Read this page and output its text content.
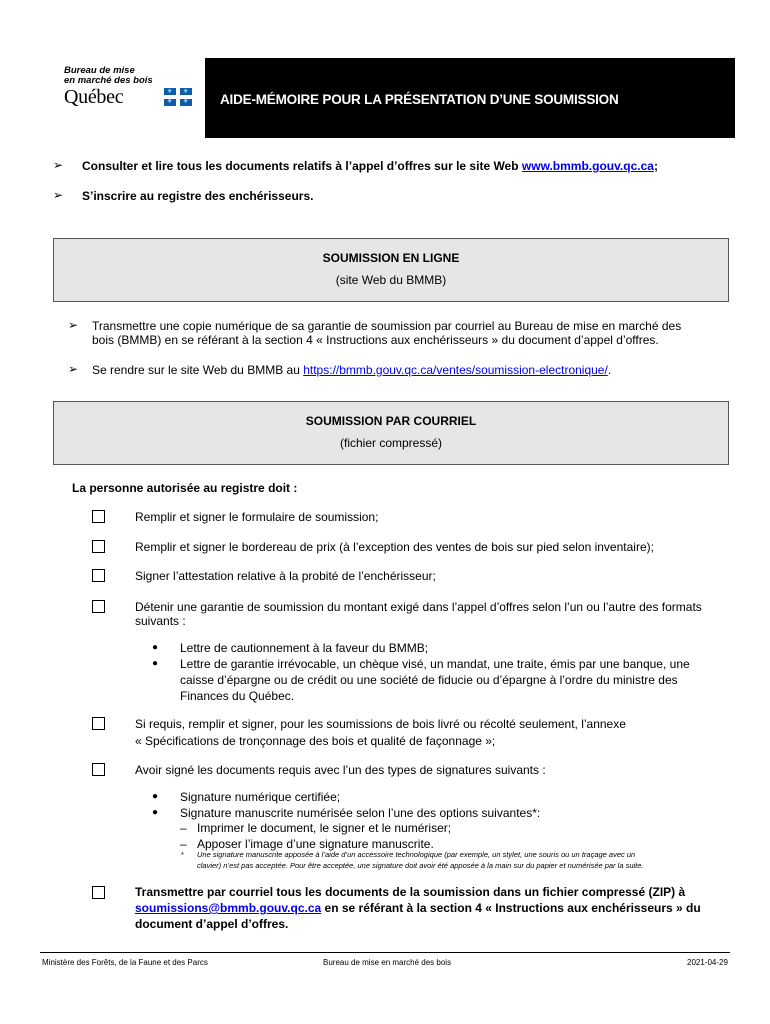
Bureau de mise
en marché des bois
Québec	⚜ ⚜
⚜ ⚜ AIDE-MÉMOIRE POUR LA PRÉSENTATION D’UNE SOUMISSION
➢ Consulter et lire tous les documents relatifs à l’appel d’offres sur le site Web www.bmmb.gouv.qc.ca;
➢ S’inscrire au registre des enchérisseurs.
SOUMISSION EN LIGNE
(site Web du BMMB)
➢ Transmettre une copie numérique de sa garantie de soumission par courriel au Bureau de mise en marché des
bois (BMMB) en se référant à la section 4 « Instructions aux enchérisseurs » du document d’appel d’offres.
➢ Se rendre sur le site Web du BMMB au https://bmmb.gouv.qc.ca/ventes/soumission-electronique/.
SOUMISSION PAR COURRIEL
(fichier compressé)
La personne autorisée au registre doit :
Remplir et signer le formulaire de soumission;
Remplir et signer le bordereau de prix (à l’exception des ventes de bois sur pied selon inventaire);
Signer l’attestation relative à la probité de l’enchérisseur;
Détenir une garantie de soumission du montant exigé dans l’appel d’offres selon l’un ou l’autre des formats
suivants :
● Lettre de cautionnement à la faveur du BMMB;
● Lettre de garantie irrévocable, un chèque visé, un mandat, une traite, émis par une banque, une
caisse d’épargne ou de crédit ou une société de fiducie ou d’épargne à l’ordre du ministre des
Finances du Québec.
Si requis, remplir et signer, pour les soumissions de bois livré ou récolté seulement, l’annexe
« Spécifications de tronçonnage des bois et qualité de façonnage »;
Avoir signé les documents requis avec l’un des types de signatures suivants :
● Signature numérique certifiée;
● Signature manuscrite numérisée selon l’une des options suivantes*:
– Imprimer le document, le signer et le numériser;
– Apposer l’image d’une signature manuscrite.
* Une signature manuscrite apposée à l’aide d’un accessoire technologique (par exemple, un stylet, une souris ou un traçage avec un
clavier) n’est pas acceptée. Pour être acceptée, une signature doit avoir été apposée à la main sur du papier et numérisée par la suite.
Transmettre par courriel tous les documents de la soumission dans un fichier compressé (ZIP) à
soumissions@bmmb.gouv.qc.ca en se référant à la section 4 « Instructions aux enchérisseurs » du
document d’appel d’offres.
Ministère des Forêts, de la Faune et des Parcs	Bureau de mise en marché des bois	2021-04-29
